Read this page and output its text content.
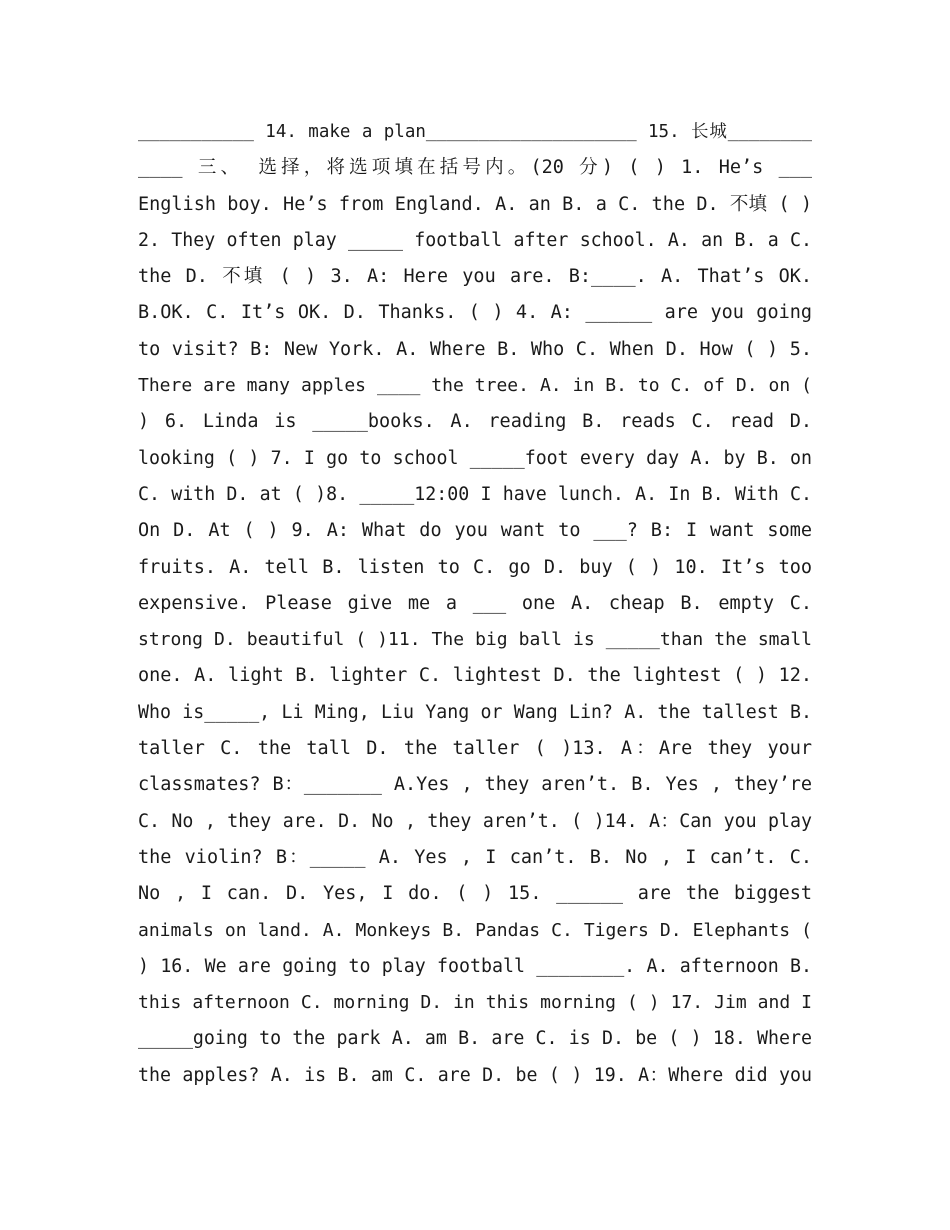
___________ 14. make a plan____________________ 15. 长城________
____ 三、 选择，将选项填在括号内。(20 分) ( ) 1. He’s ___
English boy. He’s from England. A. an B. a C. the D. 不填 ( )
2. They often play _____ football after school. A. an B. a C.
the D. 不填 ( ) 3. A: Here you are. B:____. A. That’s OK.
B.OK. C. It’s OK. D. Thanks. ( ) 4. A: ______ are you going
to visit? B: New York. A. Where B. Who C. When D. How ( ) 5.
There are many apples ____ the tree. A. in B. to C. of D. on (
) 6. Linda is _____books. A. reading B. reads C. read D.
looking ( ) 7. I go to school _____foot every day A. by B. on
C. with D. at ( )8. _____12:00 I have lunch. A. In B. With C.
On D. At ( ) 9. A: What do you want to ___? B: I want some
fruits. A. tell B. listen to C. go D. buy ( ) 10. It’s too
expensive. Please give me a ___ one A. cheap B. empty C.
strong D. beautiful ( )11. The big ball is _____than the small
one. A. light B. lighter C. lightest D. the lightest ( ) 12.
Who is_____, Li Ming, Liu Yang or Wang Lin? A. the tallest B.
taller C. the tall D. the taller ( )13. A：Are they your
classmates? B：_______ A.Yes , they aren’t. B. Yes , they’re
C. No , they are. D. No , they aren’t. ( )14. A：Can you play
the violin? B：_____ A. Yes , I can’t. B. No , I can’t. C.
No , I can. D. Yes, I do. ( ) 15. ______ are the biggest
animals on land. A. Monkeys B. Pandas C. Tigers D. Elephants (
) 16. We are going to play football ________. A. afternoon B.
this afternoon C. morning D. in this morning ( ) 17. Jim and I
_____going to the park A. am B. are C. is D. be ( ) 18. Where
the apples? A. is B. am C. are D. be ( ) 19. A：Where did you
